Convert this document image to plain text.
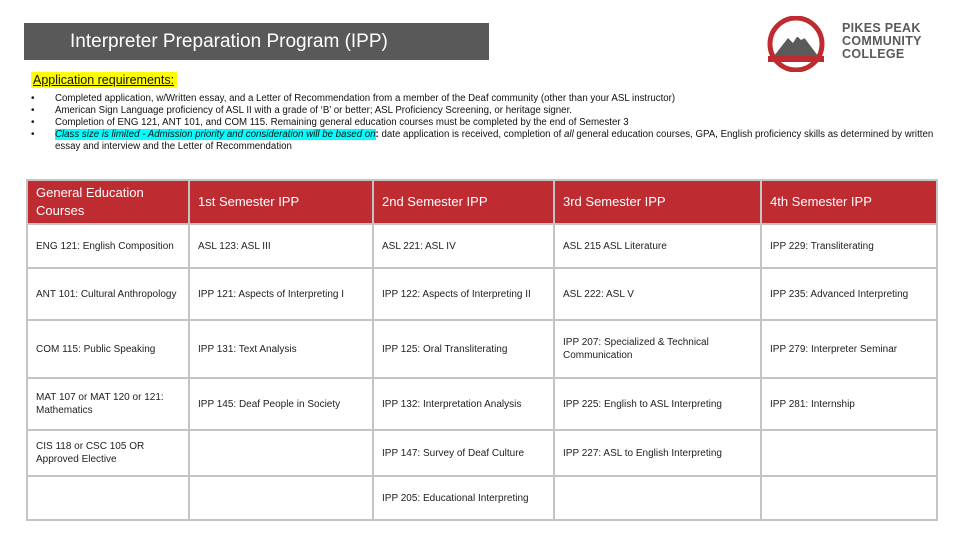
Interpreter Preparation Program (IPP)
PIKES PEAK
COMMUNITY
COLLEGE
Application requirements:
• Completed application, w/Written essay, and a Letter of Recommendation from a member of the Deaf community (other than your ASL instructor)
• American Sign Language proficiency of ASL II with a grade of ‘B’ or better; ASL Proficiency Screening, or heritage signer.
• Completion of ENG 121, ANT 101, and COM 115. Remaining general education courses must be completed by the end of Semester 3
• Class size is limited - Admission priority and consideration will be based on: date application is received, completion of all general education courses, GPA, English proficiency skills as determined by written essay and interview and the Letter of Recommendation
General Education Courses	1st Semester IPP	2nd Semester IPP	3rd Semester IPP	4th Semester IPP
ENG 121: English Composition	ASL 123: ASL III	ASL 221: ASL IV	ASL 215 ASL Literature	IPP 229: Transliterating
ANT 101: Cultural Anthropology	IPP 121: Aspects of Interpreting I	IPP 122: Aspects of Interpreting II	ASL 222: ASL V	IPP 235: Advanced Interpreting
COM 115: Public Speaking	IPP 131: Text Analysis	IPP 125: Oral Transliterating	IPP 207: Specialized & Technical Communication	IPP 279: Interpreter Seminar
MAT 107 or MAT 120 or 121: Mathematics	IPP 145: Deaf People in Society	IPP 132: Interpretation Analysis	IPP 225: English to ASL Interpreting	IPP 281: Internship
CIS 118 or CSC 105 OR Approved Elective		IPP 147: Survey of Deaf Culture	IPP 227: ASL to English Interpreting	
		IPP 205: Educational Interpreting		
